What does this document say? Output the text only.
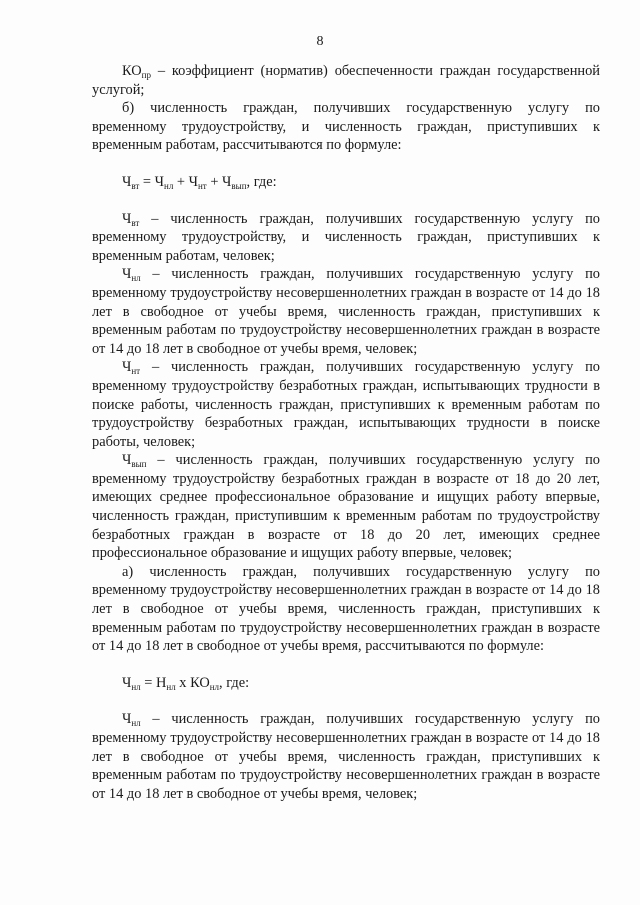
8

$КО_{пр}$ – коэффициент (норматив) обеспеченности граждан государственной услугой;

б) численность граждан, получивших государственную услугу по временному трудоустройству, и численность граждан, приступивших к временным работам, рассчитываются по формуле:

$Ч_{вт} = Ч_{нл} + Ч_{нт} + Ч_{вып}$, где:

$Ч_{вт}$ – численность граждан, получивших государственную услугу по временному трудоустройству, и численность граждан, приступивших к временным работам, человек;

$Ч_{нл}$ – численность граждан, получивших государственную услугу по временному трудоустройству несовершеннолетних граждан в возрасте от 14 до 18 лет в свободное от учебы время, численность граждан, приступивших к временным работам по трудоустройству несовершеннолетних граждан в возрасте от 14 до 18 лет в свободное от учебы время, человек;

$Ч_{нт}$ – численность граждан, получивших государственную услугу по временному трудоустройству безработных граждан, испытывающих трудности в поиске работы, численность граждан, приступивших к временным работам по трудоустройству безработных граждан, испытывающих трудности в поиске работы, человек;

$Ч_{вып}$ – численность граждан, получивших государственную услугу по временному трудоустройству безработных граждан в возрасте от 18 до 20 лет, имеющих среднее профессиональное образование и ищущих работу впервые, численность граждан, приступившим к временным работам по трудоустройству безработных граждан в возрасте от 18 до 20 лет, имеющих среднее профессиональное образование и ищущих работу впервые, человек;

а) численность граждан, получивших государственную услугу по временному трудоустройству несовершеннолетних граждан в возрасте от 14 до 18 лет в свободное от учебы время, численность граждан, приступивших к временным работам по трудоустройству несовершеннолетних граждан в возрасте от 14 до 18 лет в свободное от учебы время, рассчитываются по формуле:

$Ч_{нл} = Н_{нл}$ х $КО_{нл}$, где:

$Ч_{нл}$ – численность граждан, получивших государственную услугу по временному трудоустройству несовершеннолетних граждан в возрасте от 14 до 18 лет в свободное от учебы время, численность граждан, приступивших к временным работам по трудоустройству несовершеннолетних граждан в возрасте от 14 до 18 лет в свободное от учебы время, человек;
